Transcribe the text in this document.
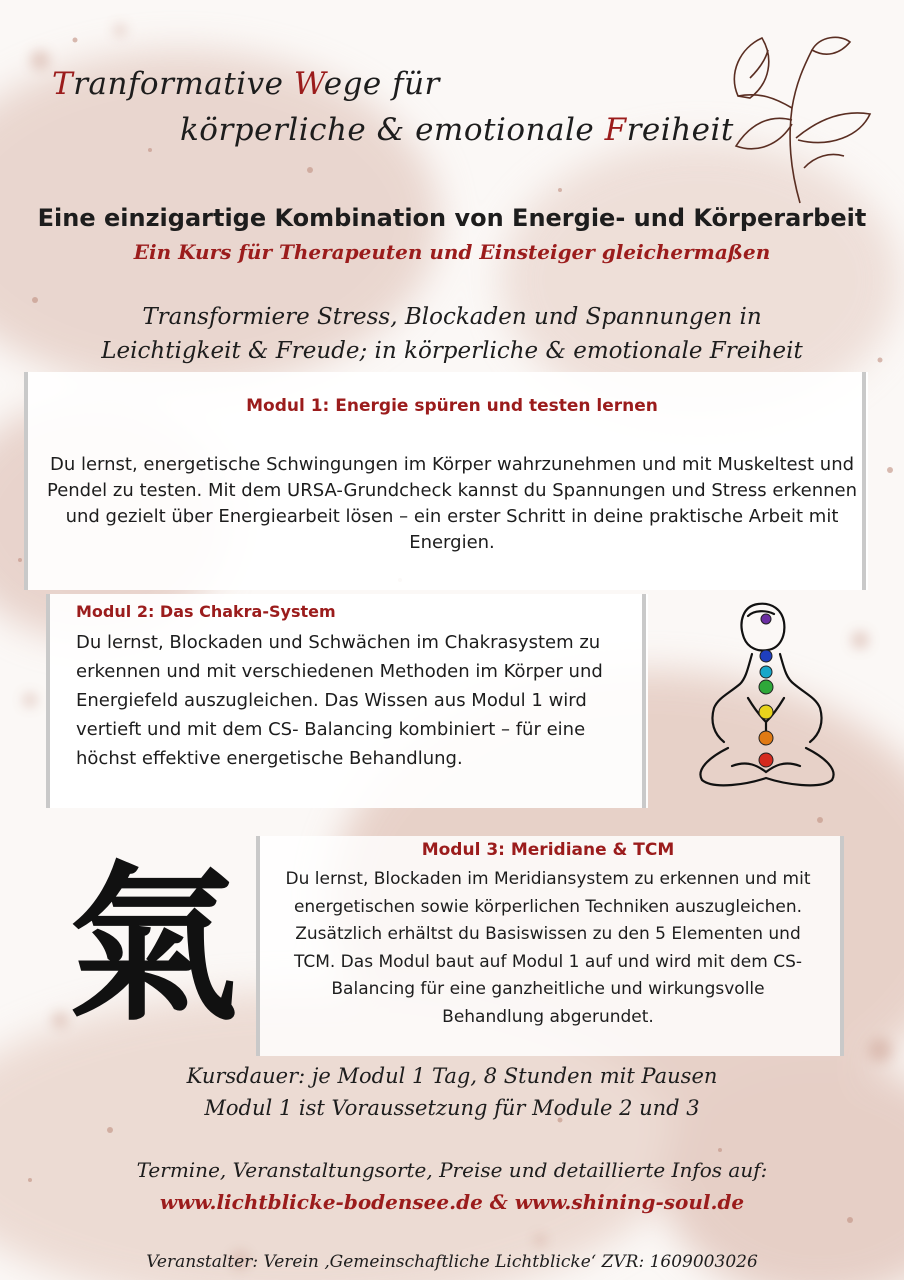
Tranformative Wege für
körperliche & emotionale Freiheit
Eine einzigartige Kombination von Energie- und Körperarbeit
Ein Kurs für Therapeuten und Einsteiger gleichermaßen
Transformiere Stress, Blockaden und Spannungen in
Leichtigkeit & Freude; in körperliche & emotionale Freiheit
Modul 1: Energie spüren und testen lernen
Du lernst, energetische Schwingungen im Körper wahrzunehmen und mit Muskeltest und Pendel zu testen. Mit dem URSA-Grundcheck kannst du Spannungen und Stress erkennen und gezielt über Energiearbeit lösen – ein erster Schritt in deine praktische Arbeit mit Energien.
Modul 2: Das Chakra-System
Du lernst, Blockaden und Schwächen im Chakrasystem zu erkennen und mit verschiedenen Methoden im Körper und Energiefeld auszugleichen. Das Wissen aus Modul 1 wird vertieft und mit dem CS- Balancing kombiniert – für eine höchst effektive energetische Behandlung.
氣	Modul 3: Meridiane & TCM
Du lernst, Blockaden im Meridiansystem zu erkennen und mit energetischen sowie körperlichen Techniken auszugleichen. Zusätzlich erhältst du Basiswissen zu den 5 Elementen und TCM. Das Modul baut auf Modul 1 auf und wird mit dem CS-Balancing für eine ganzheitliche und wirkungsvolle Behandlung abgerundet.
Kursdauer: je Modul 1 Tag, 8 Stunden mit Pausen
Modul 1 ist Voraussetzung für Module 2 und 3
Termine, Veranstaltungsorte, Preise und detaillierte Infos auf:
www.lichtblicke-bodensee.de & www.shining-soul.de
Veranstalter: Verein ‚Gemeinschaftliche Lichtblicke‘ ZVR: 1609003026
